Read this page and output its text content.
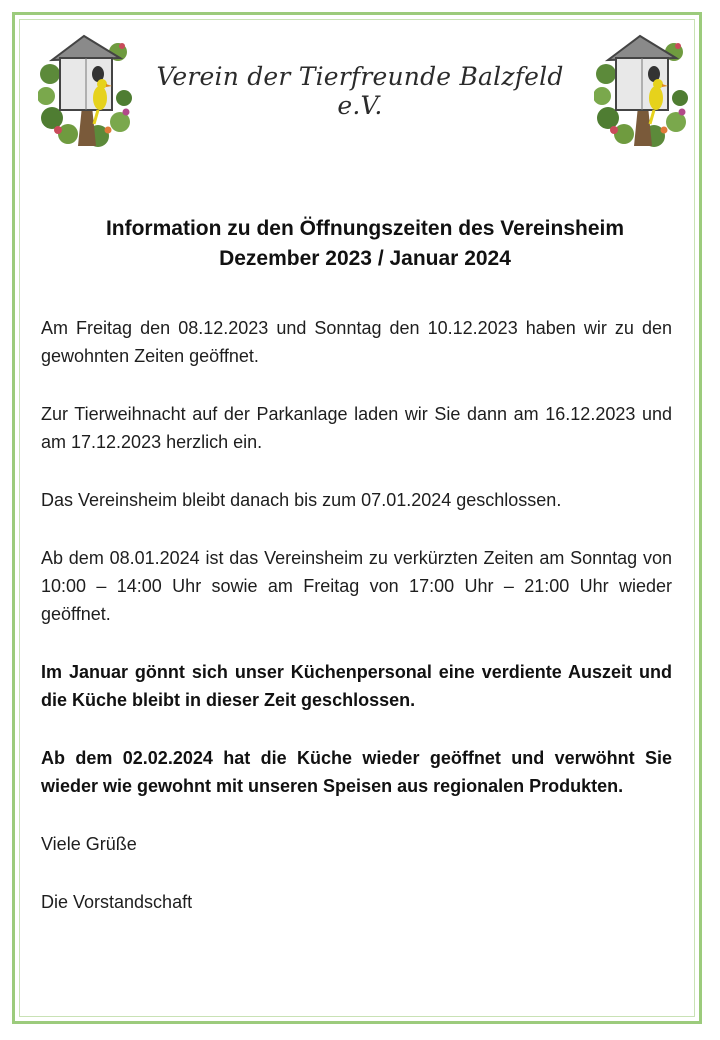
Verein der Tierfreunde Balzfeld e.V.
Information zu den Öffnungszeiten des Vereinsheim
Dezember 2023 / Januar 2024

Am Freitag den 08.12.2023 und Sonntag den 10.12.2023 haben wir zu den gewohnten Zeiten geöffnet.

Zur Tierweihnacht auf der Parkanlage laden wir Sie dann am 16.12.2023 und am 17.12.2023 herzlich ein.

Das Vereinsheim bleibt danach bis zum 07.01.2024 geschlossen.

Ab dem 08.01.2024 ist das Vereinsheim zu verkürzten Zeiten am Sonntag von 10:00 – 14:00 Uhr sowie am Freitag von 17:00 Uhr – 21:00 Uhr wieder geöffnet.

Im Januar gönnt sich unser Küchenpersonal eine verdiente Auszeit und die Küche bleibt in dieser Zeit geschlossen.

Ab dem 02.02.2024 hat die Küche wieder geöffnet und verwöhnt Sie wieder wie gewohnt mit unseren Speisen aus regionalen Produkten.

Viele Grüße

Die Vorstandschaft
